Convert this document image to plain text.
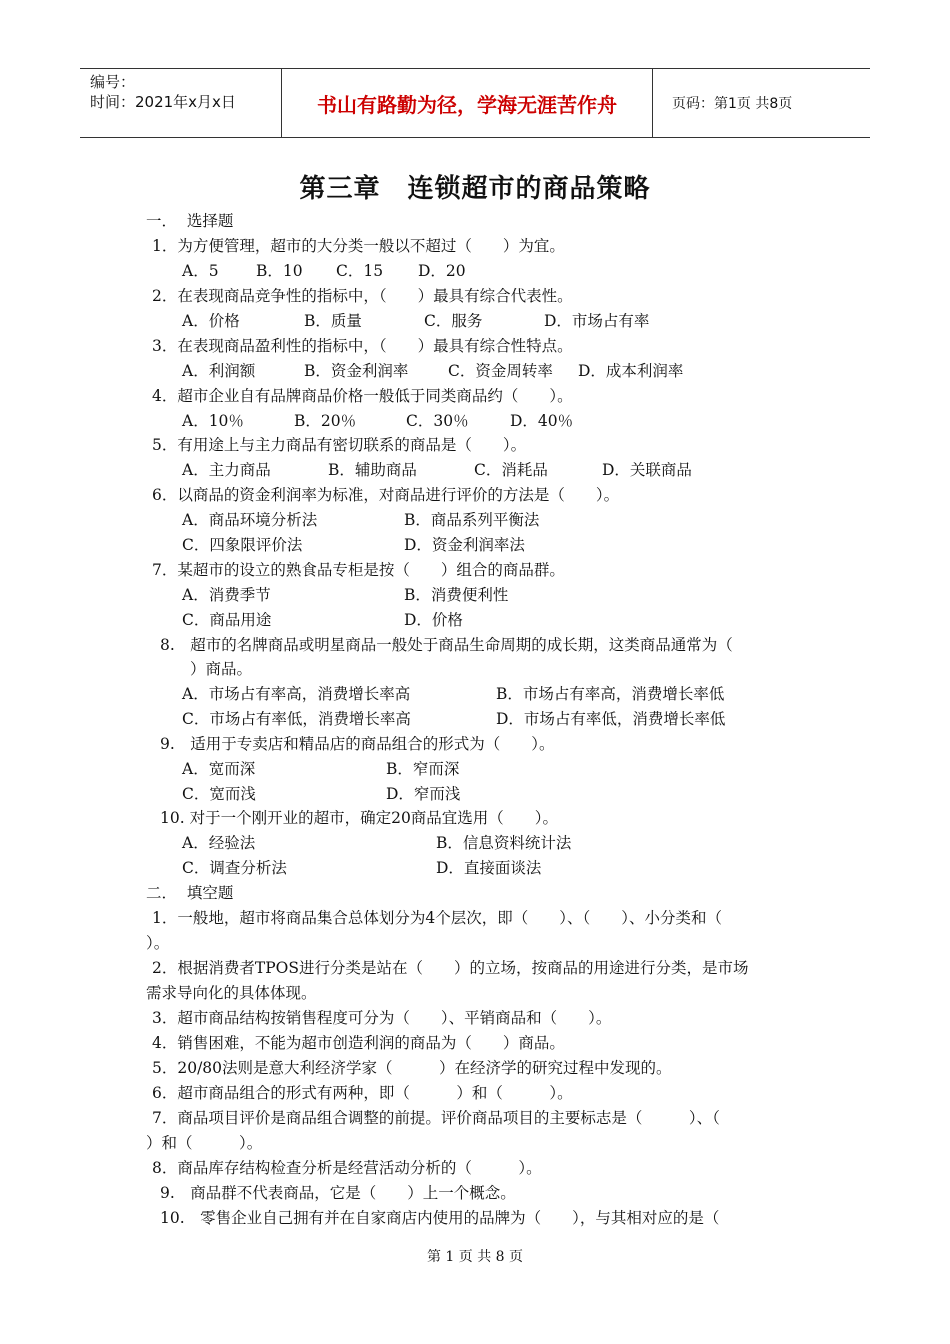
编号：
时间：2021年x月x日	书山有路勤为径，学海无涯苦作舟	页码：第1页 共8页
第三章　连锁超市的商品策略
一．  选择题
1．为方便管理，超市的大分类一般以不超过（　　）为宜。
A．5 B．10 C．15 D．20
2．在表现商品竞争性的指标中，（　　）最具有综合代表性。
A．价格	B．质量	C．服务	D．市场占有率
3．在表现商品盈利性的指标中，（　　）最具有综合性特点。
A．利润额	B．资金利润率	C．资金周转率 D．成本利润率
4．超市企业自有品牌商品价格一般低于同类商品约（　　）。
A．10％	B．20％	C．30％	D．40％
5．有用途上与主力商品有密切联系的商品是（　　）。
A．主力商品	B．辅助商品	C．消耗品	D．关联商品
6．以商品的资金利润率为标准，对商品进行评价的方法是（　　）。
A．商品环境分析法	B．商品系列平衡法
C．四象限评价法	D．资金利润率法
7．某超市的设立的熟食品专柜是按（　　）组合的商品群。
A．消费季节	B．消费便利性
C．商品用途	D．价格
8.　超市的名牌商品或明星商品一般处于商品生命周期的成长期，这类商品通常为（
）商品。
A．市场占有率高，消费增长率高	B．市场占有率高，消费增长率低
C．市场占有率低，消费增长率高	D．市场占有率低，消费增长率低
9.　适用于专卖店和精品店的商品组合的形式为（　　）。
A．宽而深	B．窄而深
C．宽而浅	D．窄而浅
10. 对于一个刚开业的超市，确定20商品宜选用（　　）。
A．经验法	B．信息资料统计法
C．调查分析法	D．直接面谈法
二．  填空题
1．一般地，超市将商品集合总体划分为4个层次，即（　　）、（　　）、小分类和（
）。
2．根据消费者TPOS进行分类是站在（　　）的立场，按商品的用途进行分类，是市场
需求导向化的具体体现。
3．超市商品结构按销售程度可分为（　　）、平销商品和（　　）。
4．销售困难，不能为超市创造利润的商品为（　　）商品。
5．20/80法则是意大利经济学家（　　　）在经济学的研究过程中发现的。
6．超市商品组合的形式有两种，即（　　　）和（　　　）。
7．商品项目评价是商品组合调整的前提。评价商品项目的主要标志是（　　　）、（
）和（　　　）。
8．商品库存结构检查分析是经营活动分析的（　　　）。
9.　商品群不代表商品，它是（　　）上一个概念。
10.　零售企业自己拥有并在自家商店内使用的品牌为（　　），与其相对应的是（
第 1 页 共 8 页
